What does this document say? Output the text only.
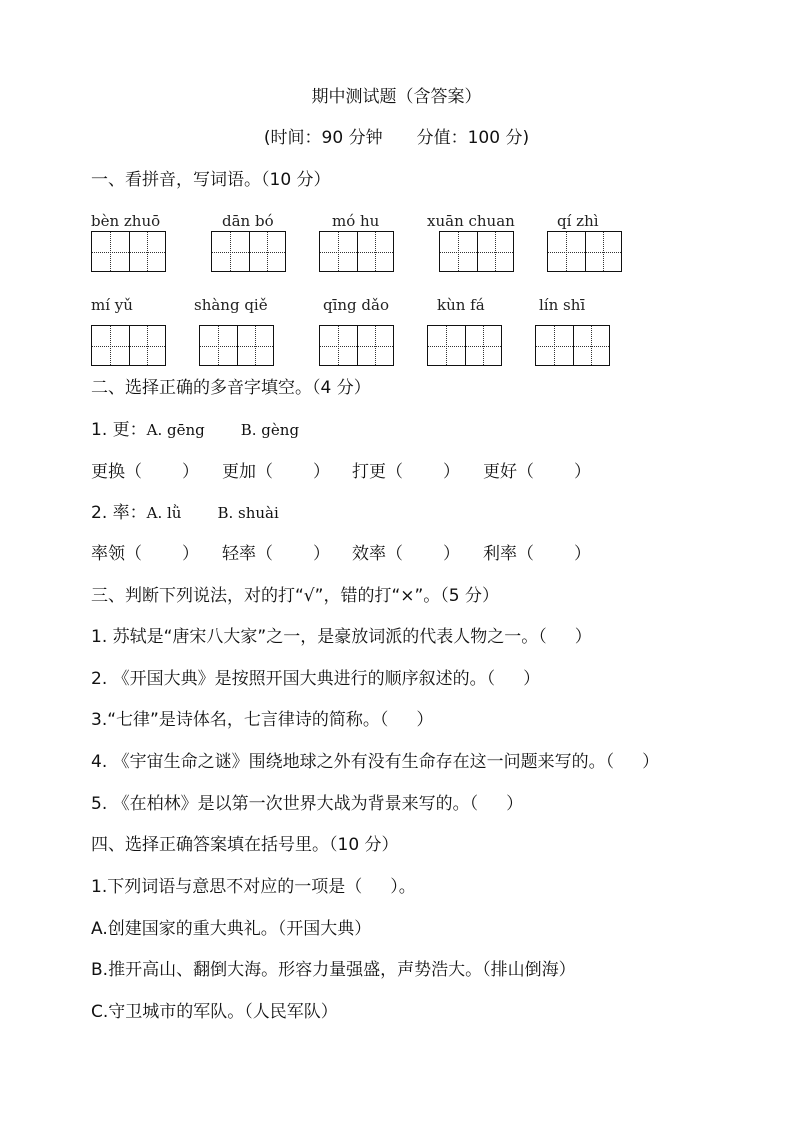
期中测试题（含答案）
(时间：90 分钟　　分值：100 分)
一、看拼音，写词语。（10 分）
bèn zhuō	dān bó	mó hu	xuān chuan	qí zhì
mí yǔ	shàng qiě	qīng dǎo	kùn fá	lín shī
二、选择正确的多音字填空。（4 分）
1. 更：A. gēng B. gèng
更换（ ） 更加（ ） 打更（ ） 更好（ ）
2. 率：A. lǜ B. shuài
率领（ ） 轻率（ ） 效率（ ） 利率（ ）
三、判断下列说法，对的打“√”，错的打“×”。（5 分）
1. 苏轼是“唐宋八大家”之一，是豪放词派的代表人物之一。（ ）
2. 《开国大典》是按照开国大典进行的顺序叙述的。（ ）
3.“七律”是诗体名，七言律诗的简称。（ ）
4. 《宇宙生命之谜》围绕地球之外有没有生命存在这一问题来写的。（ ）
5. 《在柏林》是以第一次世界大战为背景来写的。（ ）
四、选择正确答案填在括号里。（10 分）
1.下列词语与意思不对应的一项是（ ）。
A.创建国家的重大典礼。（开国大典）
B.推开高山、翻倒大海。形容力量强盛，声势浩大。（排山倒海）
C.守卫城市的军队。（人民军队）
